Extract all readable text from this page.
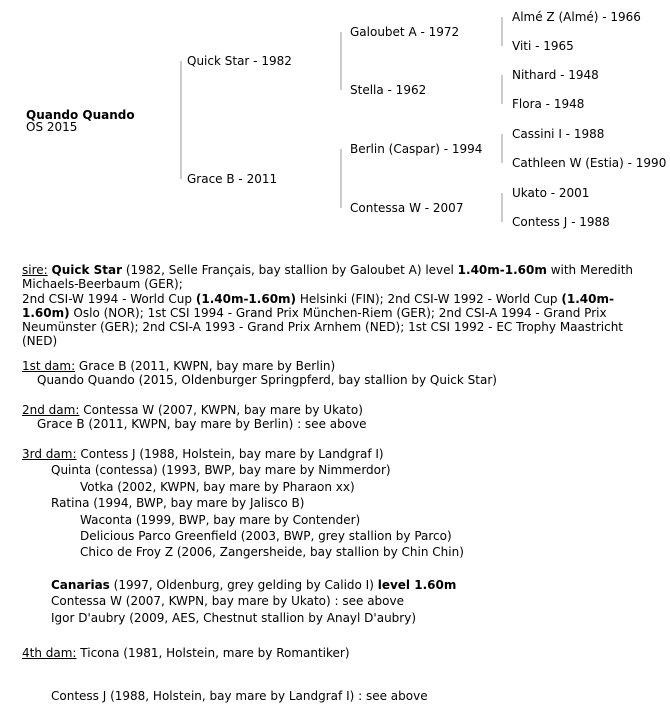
Quando Quando
OS 2015
Quick Star - 1982
Grace B - 2011
Galoubet A - 1972
Stella - 1962
Berlin (Caspar) - 1994
Contessa W - 2007
Almé Z (Almé) - 1966
Viti - 1965
Nithard - 1948
Flora - 1948
Cassini I - 1988
Cathleen W (Estia) - 1990
Ukato - 2001
Contess J - 1988
sire: Quick Star (1982, Selle Français, bay stallion by Galoubet A) level 1.40m-1.60m with Meredith Michaels-Beerbaum (GER);
2nd CSI-W 1994 - World Cup (1.40m-1.60m) Helsinki (FIN); 2nd CSI-W 1992 - World Cup (1.40m-1.60m) Oslo (NOR); 1st CSI 1994 - Grand Prix München-Riem (GER); 2nd CSI-A 1994 - Grand Prix Neumünster (GER); 2nd CSI-A 1993 - Grand Prix Arnhem (NED); 1st CSI 1992 - EC Trophy Maastricht (NED)
1st dam: Grace B (2011, KWPN, bay mare by Berlin)
Quando Quando (2015, Oldenburger Springpferd, bay stallion by Quick Star)
2nd dam: Contessa W (2007, KWPN, bay mare by Ukato)
Grace B (2011, KWPN, bay mare by Berlin) : see above
3rd dam: Contess J (1988, Holstein, bay mare by Landgraf I)
Quinta (contessa) (1993, BWP, bay mare by Nimmerdor)
Votka (2002, KWPN, bay mare by Pharaon xx)
Ratina (1994, BWP, bay mare by Jalisco B)
Waconta (1999, BWP, bay mare by Contender)
Delicious Parco Greenfield (2003, BWP, grey stallion by Parco)
Chico de Froy Z (2006, Zangersheide, bay stallion by Chin Chin)
Canarias (1997, Oldenburg, grey gelding by Calido I) level 1.60m
Contessa W (2007, KWPN, bay mare by Ukato) : see above
Igor D'aubry (2009, AES, Chestnut stallion by Anayl D'aubry)
4th dam: Ticona (1981, Holstein, mare by Romantiker)
Contess J (1988, Holstein, bay mare by Landgraf I) : see above
